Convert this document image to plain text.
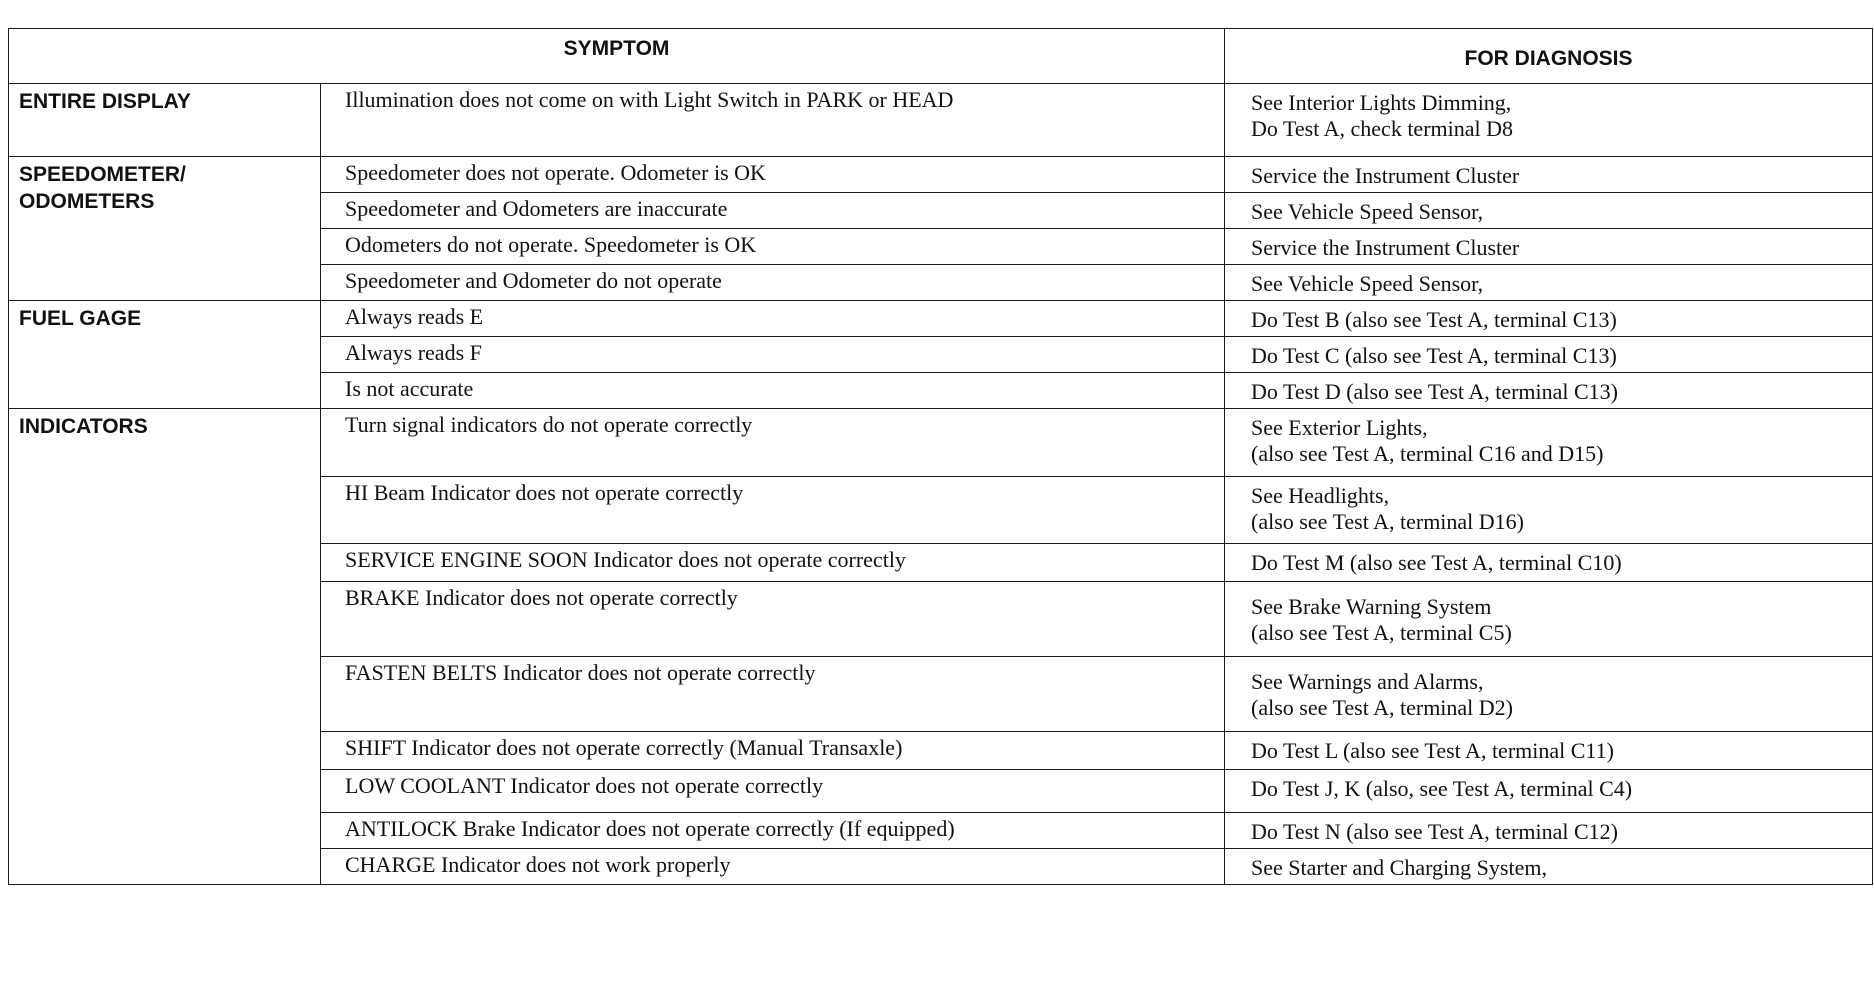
SYMPTOM		FOR DIAGNOSIS
ENTIRE DISPLAY	Illumination does not come on with Light Switch in PARK or HEAD	See Interior Lights Dimming,
Do Test A, check terminal D8

SPEEDOMETER/
ODOMETERS	Speedometer does not operate. Odometer is OK	Service the Instrument Cluster

	Speedometer and Odometers are inaccurate	See Vehicle Speed Sensor,

	Odometers do not operate. Speedometer is OK	Service the Instrument Cluster

	Speedometer and Odometer do not operate	See Vehicle Speed Sensor,

FUEL GAGE	Always reads E	Do Test B (also see Test A, terminal C13)

	Always reads F	Do Test C (also see Test A, terminal C13)

	Is not accurate	Do Test D (also see Test A, terminal C13)

INDICATORS	Turn signal indicators do not operate correctly	See Exterior Lights,
(also see Test A, terminal C16 and D15)

	HI Beam Indicator does not operate correctly	See Headlights,
(also see Test A, terminal D16)

	SERVICE ENGINE SOON Indicator does not operate correctly	Do Test M (also see Test A, terminal C10)

	BRAKE Indicator does not operate correctly	See Brake Warning System
(also see Test A, terminal C5)

	FASTEN BELTS Indicator does not operate correctly	See Warnings and Alarms,
(also see Test A, terminal D2)

	SHIFT Indicator does not operate correctly (Manual Transaxle)	Do Test L (also see Test A, terminal C11)

	LOW COOLANT Indicator does not operate correctly	Do Test J, K (also, see Test A, terminal C4)

	ANTILOCK Brake Indicator does not operate correctly (If equipped)	Do Test N (also see Test A, terminal C12)

	CHARGE Indicator does not work properly	See Starter and Charging System,
